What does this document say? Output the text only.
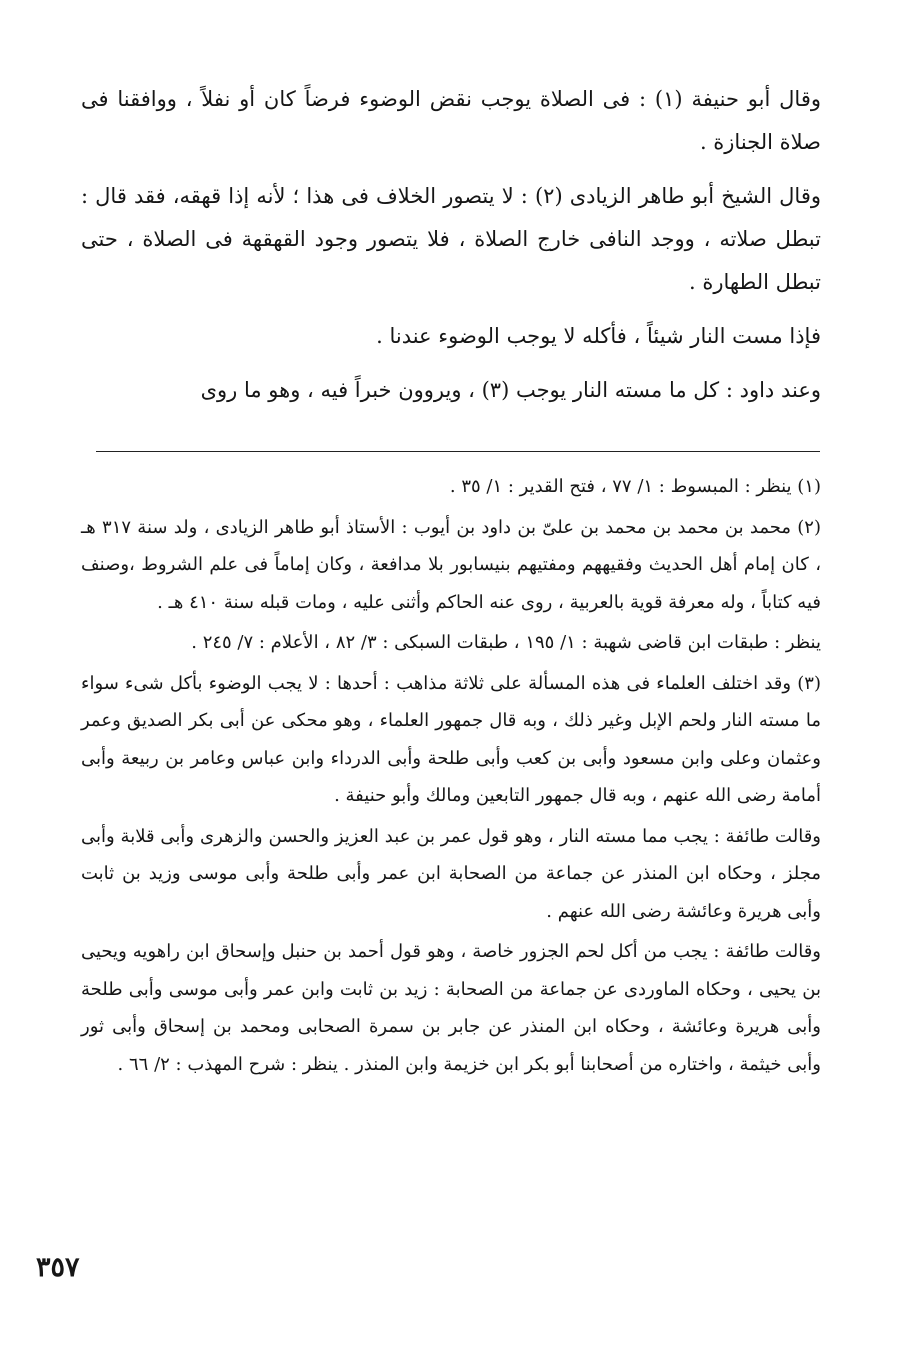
وقال أبو حنيفة (١) : فى الصلاة يوجب نقض الوضوء فرضاً كان أو نفلاً ، ووافقنا فى صلاة الجنازة .

وقال الشيخ أبو طاهر الزيادى (٢) : لا يتصور الخلاف فى هذا ؛ لأنه إذا قهقه، فقد قال : تبطل صلاته ، ووجد النافى خارج الصلاة ، فلا يتصور وجود القهقهة فى الصلاة ، حتى تبطل الطهارة .

فإذا مست النار شيئاً ، فأكله لا يوجب الوضوء عندنا .

وعند داود : كل ما مسته النار يوجب (٣) ، ويروون خبراً فيه ، وهو ما روى

(١) ينظر : المبسوط : ١/ ٧٧ ، فتح القدير : ١/ ٣٥ .

(٢) محمد بن محمد بن محمد بن علىّ بن داود بن أيوب : الأستاذ أبو طاهر الزيادى ، ولد سنة ٣١٧ هـ ، كان إمام أهل الحديث وفقيههم ومفتيهم بنيسابور بلا مدافعة ، وكان إماماً فى علم الشروط ،وصنف فيه كتاباً ، وله معرفة قوية بالعربية ، روى عنه الحاكم وأثنى عليه ، ومات قبله سنة ٤١٠ هـ .

ينظر : طبقات ابن قاضى شهبة : ١/ ١٩٥ ، طبقات السبكى : ٣/ ٨٢ ، الأعلام : ٧/ ٢٤٥ .

(٣) وقد اختلف العلماء فى هذه المسألة على ثلاثة مذاهب : أحدها : لا يجب الوضوء بأكل شىء سواء ما مسته النار ولحم الإبل وغير ذلك ، وبه قال جمهور العلماء ، وهو محكى عن أبى بكر الصديق وعمر وعثمان وعلى وابن مسعود وأبى بن كعب وأبى طلحة وأبى الدرداء وابن عباس وعامر بن ربيعة وأبى أمامة رضى الله عنهم ، وبه قال جمهور التابعين ومالك وأبو حنيفة .

وقالت طائفة : يجب مما مسته النار ، وهو قول عمر بن عبد العزيز والحسن والزهرى وأبى قلابة وأبى مجلز ، وحكاه ابن المنذر عن جماعة من الصحابة ابن عمر وأبى طلحة وأبى موسى وزيد بن ثابت وأبى هريرة وعائشة رضى الله عنهم .

وقالت طائفة : يجب من أكل لحم الجزور خاصة ، وهو قول أحمد بن حنبل وإسحاق ابن راهويه ويحيى بن يحيى ، وحكاه الماوردى عن جماعة من الصحابة : زيد بن ثابت وابن عمر وأبى موسى وأبى طلحة وأبى هريرة وعائشة ، وحكاه ابن المنذر عن جابر بن سمرة الصحابى ومحمد بن إسحاق وأبى ثور وأبى خيثمة ، واختاره من أصحابنا أبو بكر ابن خزيمة وابن المنذر . ينظر : شرح المهذب : ٢/ ٦٦ .

٣٥٧
